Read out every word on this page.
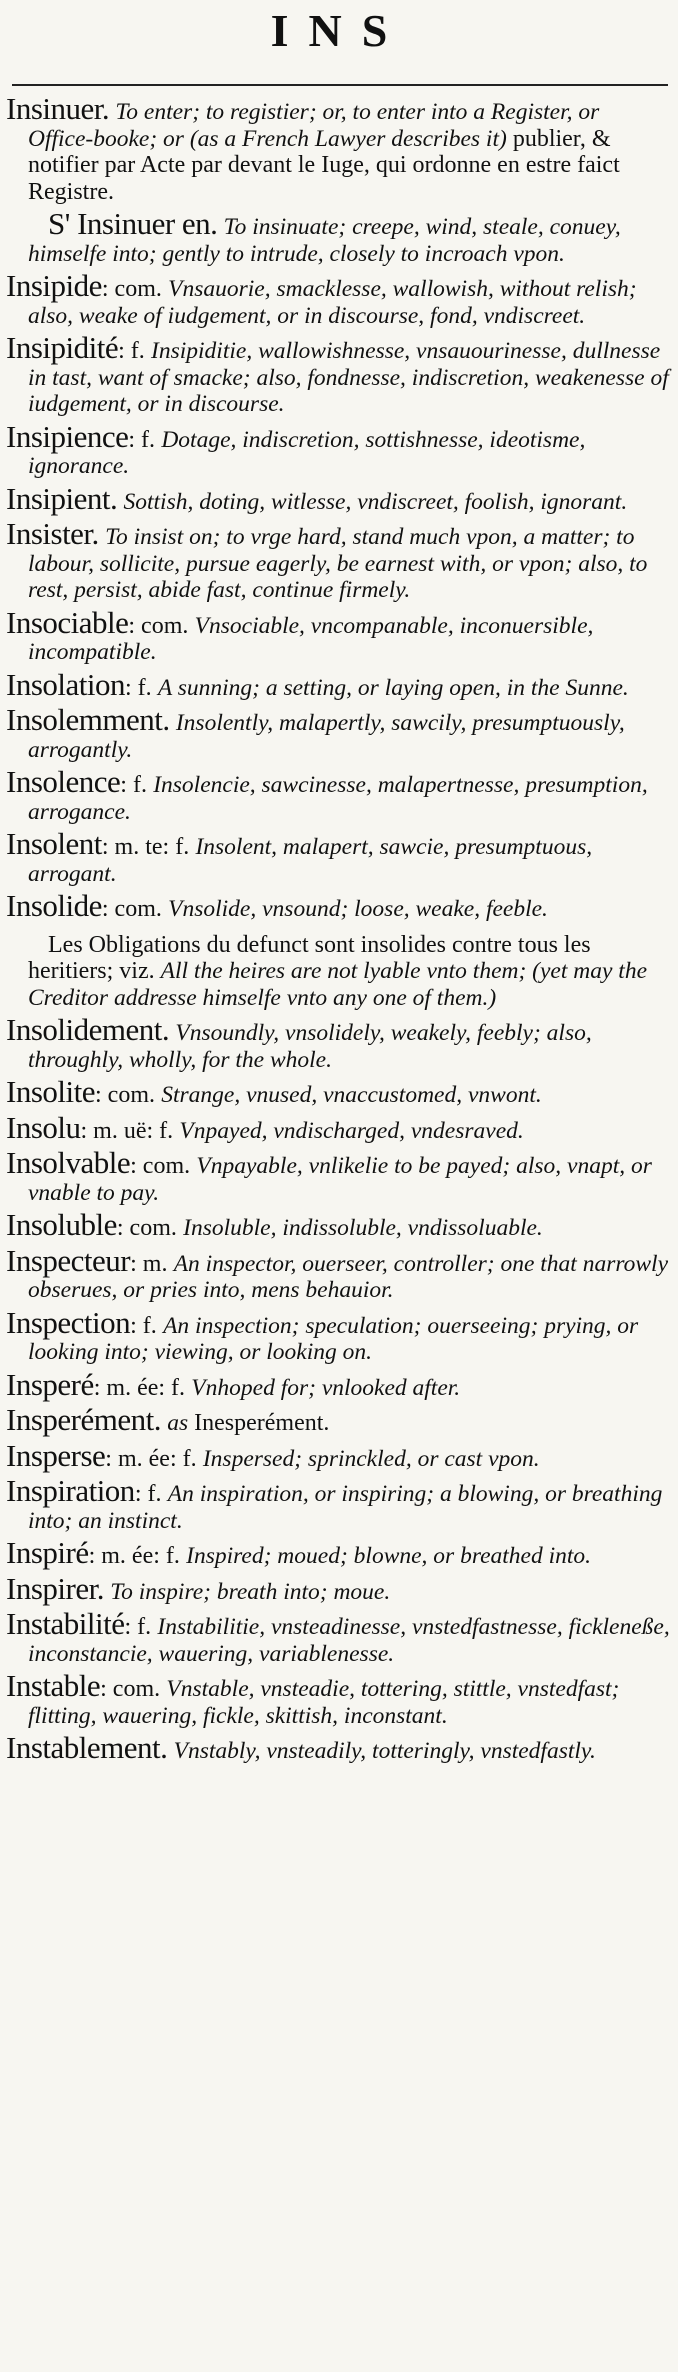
INS
Insinuer. To enter; to registier; or, to enter into a Register, or Office-booke; or (as a French Lawyer describes it) publier, & notifier par Acte par devant le Iuge, qui ordonne en estre faict Registre.
S' Insinuer en. To insinuate; creepe, wind, steale, conuey, himselfe into; gently to intrude, closely to incroach vpon.
Insipide: com. Vnsauorie, smacklesse, wallowish, without relish; also, weake of iudgement, or in discourse, fond, vndiscreet.
Insipidité: f. Insipiditie, wallowishnesse, vnsauourinesse, dullnesse in tast, want of smacke; also, fondnesse, indiscretion, weakenesse of iudgement, or in discourse.
Insipience: f. Dotage, indiscretion, sottishnesse, ideotisme, ignorance.
Insipient. Sottish, doting, witlesse, vndiscreet, foolish, ignorant.
Insister. To insist on; to vrge hard, stand much vpon, a matter; to labour, sollicite, pursue eagerly, be earnest with, or vpon; also, to rest, persist, abide fast, continue firmely.
Insociable: com. Vnsociable, vncompanable, inconuersible, incompatible.
Insolation: f. A sunning; a setting, or laying open, in the Sunne.
Insolemment. Insolently, malapertly, sawcily, presumptuously, arrogantly.
Insolence: f. Insolencie, sawcinesse, malapertnesse, presumption, arrogance.
Insolent: m. te: f. Insolent, malapert, sawcie, presumptuous, arrogant.
Insolide: com. Vnsolide, vnsound; loose, weake, feeble.
Les Obligations du defunct sont insolides contre tous les heritiers; viz. All the heires are not lyable vnto them; (yet may the Creditor addresse himselfe vnto any one of them.)
Insolidement. Vnsoundly, vnsolidely, weakely, feebly; also, throughly, wholly, for the whole.
Insolite: com. Strange, vnused, vnaccustomed, vnwont.
Insolu: m. uë: f. Vnpayed, vndischarged, vndesraved.
Insolvable: com. Vnpayable, vnlikelie to be payed; also, vnapt, or vnable to pay.
Insoluble: com. Insoluble, indissoluble, vndissoluable.
Inspecteur: m. An inspector, ouerseer, controller; one that narrowly obserues, or pries into, mens behauior.
Inspection: f. An inspection; speculation; ouerseeing; prying, or looking into; viewing, or looking on.
Insperé: m. ée: f. Vnhoped for; vnlooked after.
Insperément. as Inesperément.
Insperse: m. ée: f. Inspersed; sprinckled, or cast vpon.
Inspiration: f. An inspiration, or inspiring; a blowing, or breathing into; an instinct.
Inspiré: m. ée: f. Inspired; moued; blowne, or breathed into.
Inspirer. To inspire; breath into; moue.
Instabilité: f. Instabilitie, vnsteadinesse, vnstedfastnesse, fickleneße, inconstancie, wauering, variablenesse.
Instable: com. Vnstable, vnsteadie, tottering, stittle, vnstedfast; flitting, wauering, fickle, skittish, inconstant.
Instablement. Vnstably, vnsteadily, totteringly, vnstedfastly.
